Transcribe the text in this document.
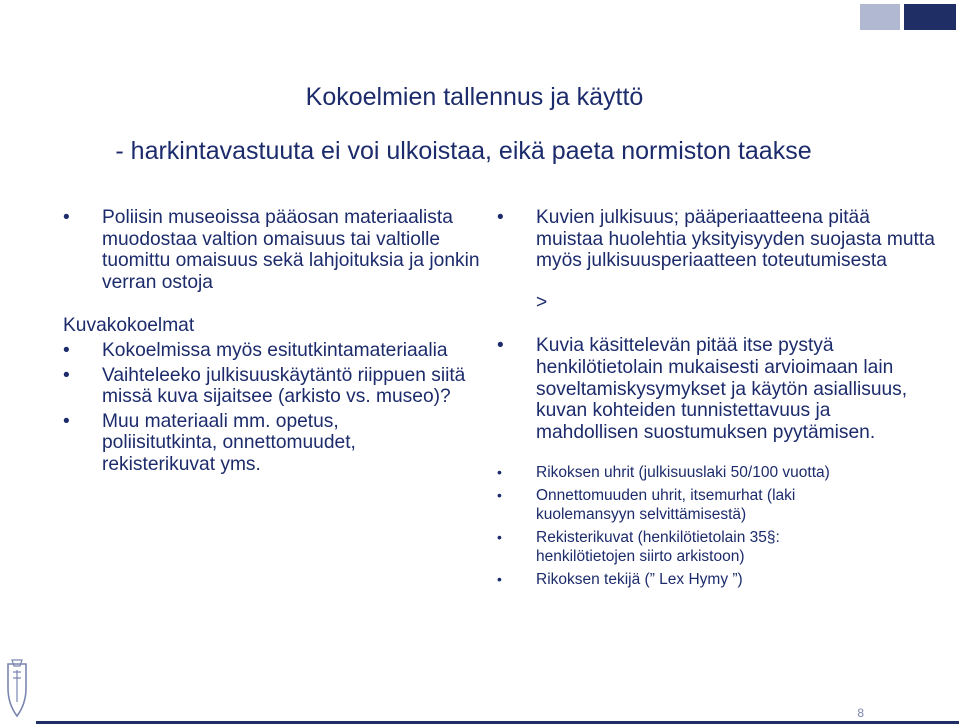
Kokoelmien tallennus ja käyttö
- harkintavastuuta ei voi ulkoistaa, eikä paeta normiston taakse
• Poliisin museoissa pääosan materiaalista muodostaa valtion omaisuus tai valtiolle tuomittu omaisuus sekä lahjoituksia ja jonkin verran ostoja
Kuvakokoelmat
• Kokoelmissa myös esitutkintamateriaalia
• Vaihteleeko julkisuuskäytäntö riippuen siitä missä kuva sijaitsee (arkisto vs. museo)?
• Muu materiaali mm. opetus, poliisitutkinta, onnettomuudet, rekisterikuvat yms.
• Kuvien julkisuus; pääperiaatteena pitää muistaa huolehtia yksityisyyden suojasta mutta myös julkisuusperiaatteen toteutumisesta
>
• Kuvia käsittelevän pitää itse pystyä henkilötietolain mukaisesti arvioimaan lain soveltamiskysymykset ja käytön asiallisuus, kuvan kohteiden tunnistettavuus ja mahdollisen suostumuksen pyytämisen.
• Rikoksen uhrit (julkisuuslaki 50/100 vuotta)
• Onnettomuuden uhrit, itsemurhat (laki kuolemansyyn selvittämisestä)
• Rekisterikuvat (henkilötietolain 35§: henkilötietojen siirto arkistoon)
• Rikoksen tekijä (” Lex Hymy ”)
8
